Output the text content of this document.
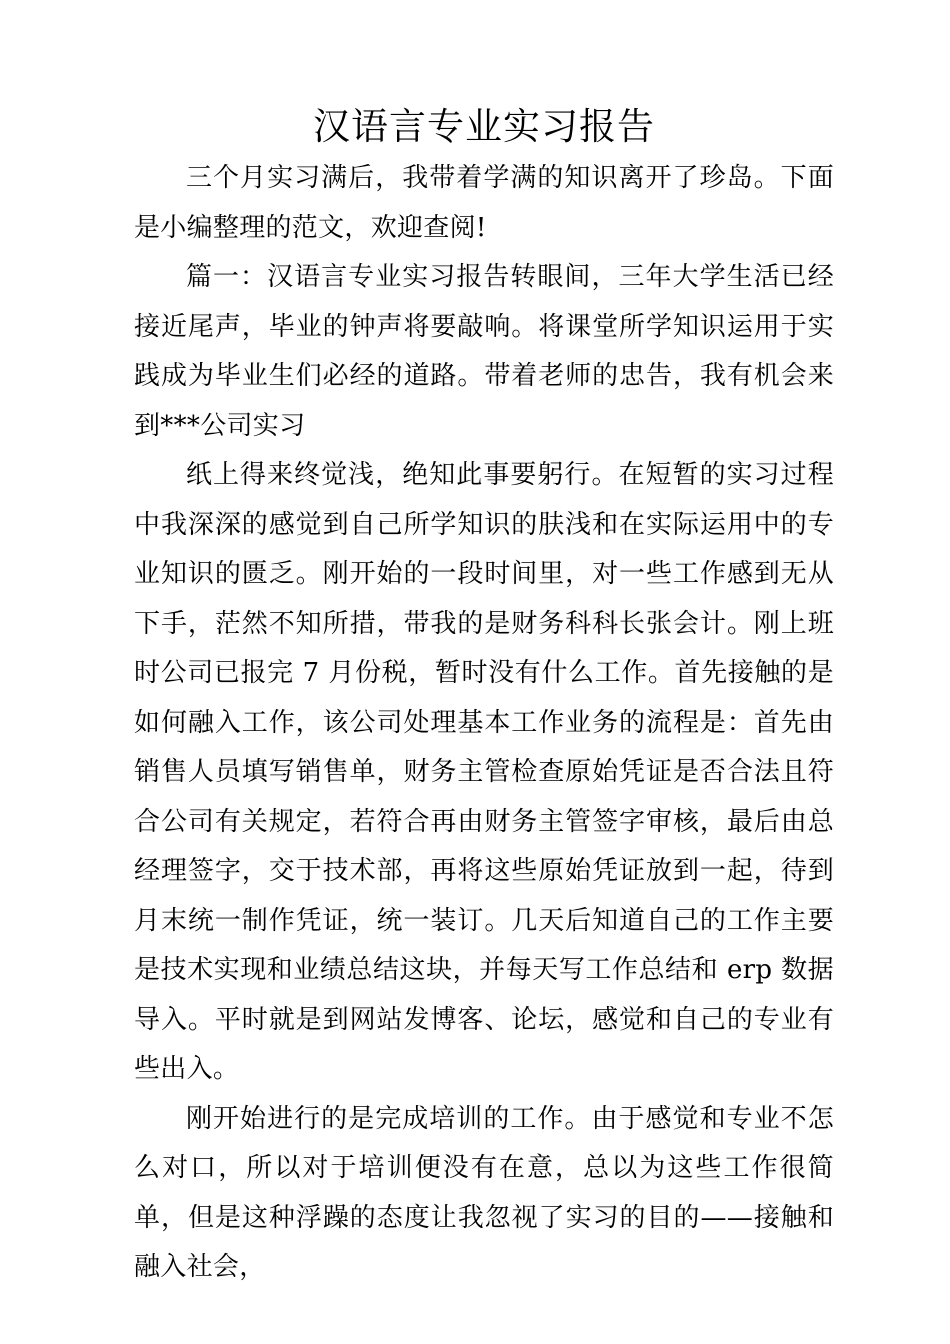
汉语言专业实习报告

三个月实习满后，我带着学满的知识离开了珍岛。下面是小编整理的范文，欢迎查阅!

篇一：汉语言专业实习报告转眼间，三年大学生活已经接近尾声，毕业的钟声将要敲响。将课堂所学知识运用于实践成为毕业生们必经的道路。带着老师的忠告，我有机会来到***公司实习

纸上得来终觉浅，绝知此事要躬行。在短暂的实习过程中我深深的感觉到自己所学知识的肤浅和在实际运用中的专业知识的匮乏。刚开始的一段时间里，对一些工作感到无从下手，茫然不知所措，带我的是财务科科长张会计。刚上班时公司已报完 7 月份税，暂时没有什么工作。首先接触的是如何融入工作，该公司处理基本工作业务的流程是：首先由销售人员填写销售单，财务主管检查原始凭证是否合法且符合公司有关规定，若符合再由财务主管签字审核，最后由总经理签字，交于技术部，再将这些原始凭证放到一起，待到月末统一制作凭证，统一装订。几天后知道自己的工作主要是技术实现和业绩总结这块，并每天写工作总结和 erp 数据导入。平时就是到网站发博客、论坛，感觉和自己的专业有些出入。

刚开始进行的是完成培训的工作。由于感觉和专业不怎么对口，所以对于培训便没有在意，总以为这些工作很简单，但是这种浮躁的态度让我忽视了实习的目的——接触和融入社会，
